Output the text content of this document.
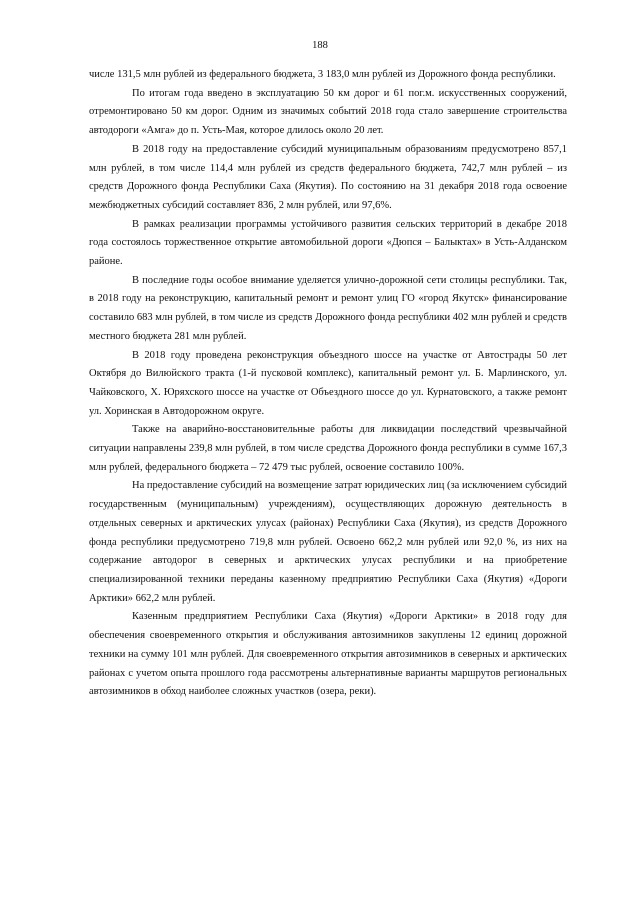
188

числе 131,5 млн рублей из федерального бюджета, 3 183,0 млн рублей из Дорожного фонда республики.

По итогам года введено в эксплуатацию 50 км дорог и 61 пог.м. искусственных сооружений, отремонтировано 50 км дорог. Одним из значимых событий 2018 года стало завершение строительства автодороги «Амга» до п. Усть-Мая, которое длилось около 20 лет.

В 2018 году на предоставление субсидий муниципальным образованиям предусмотрено 857,1 млн рублей, в том числе 114,4 млн рублей из средств федерального бюджета, 742,7 млн рублей – из средств Дорожного фонда Республики Саха (Якутия). По состоянию на 31 декабря 2018 года освоение межбюджетных субсидий составляет 836, 2 млн рублей, или 97,6%.

В рамках реализации программы устойчивого развития сельских территорий в декабре 2018 года состоялось торжественное открытие автомобильной дороги «Дюпся – Балыктах» в Усть-Алданском районе.

В последние годы особое внимание уделяется улично-дорожной сети столицы республики. Так, в 2018 году на реконструкцию, капитальный ремонт и ремонт улиц ГО «город Якутск» финансирование составило 683 млн рублей, в том числе из средств Дорожного фонда республики 402 млн рублей и средств местного бюджета 281 млн рублей.

В 2018 году проведена реконструкция объездного шоссе на участке от Автострады 50 лет Октября до Вилюйского тракта (1-й пусковой комплекс), капитальный ремонт ул. Б. Марлинского, ул. Чайковского, Х. Юряхского шоссе на участке от Объездного шоссе до ул. Курнатовского, а также ремонт ул. Хоринская в Автодорожном округе.

Также на аварийно-восстановительные работы для ликвидации последствий чрезвычайной ситуации направлены 239,8 млн рублей, в том числе средства Дорожного фонда республики в сумме 167,3 млн рублей, федерального бюджета – 72 479 тыс рублей, освоение составило 100%.

На предоставление субсидий на возмещение затрат юридических лиц (за исключением субсидий государственным (муниципальным) учреждениям), осуществляющих дорожную деятельность в отдельных северных и арктических улусах (районах) Республики Саха (Якутия), из средств Дорожного фонда республики предусмотрено 719,8 млн рублей. Освоено 662,2 млн рублей или 92,0 %, из них на содержание автодорог в северных и арктических улусах республики и на приобретение специализированной техники переданы казенному предприятию Республики Саха (Якутия) «Дороги Арктики» 662,2 млн рублей.

Казенным предприятием Республики Саха (Якутия) «Дороги Арктики» в 2018 году для обеспечения своевременного открытия и обслуживания автозимников закуплены 12 единиц дорожной техники на сумму 101 млн рублей. Для своевременного открытия автозимников в северных и арктических районах с учетом опыта прошлого года рассмотрены альтернативные варианты маршрутов региональных автозимников в обход наиболее сложных участков (озера, реки).
